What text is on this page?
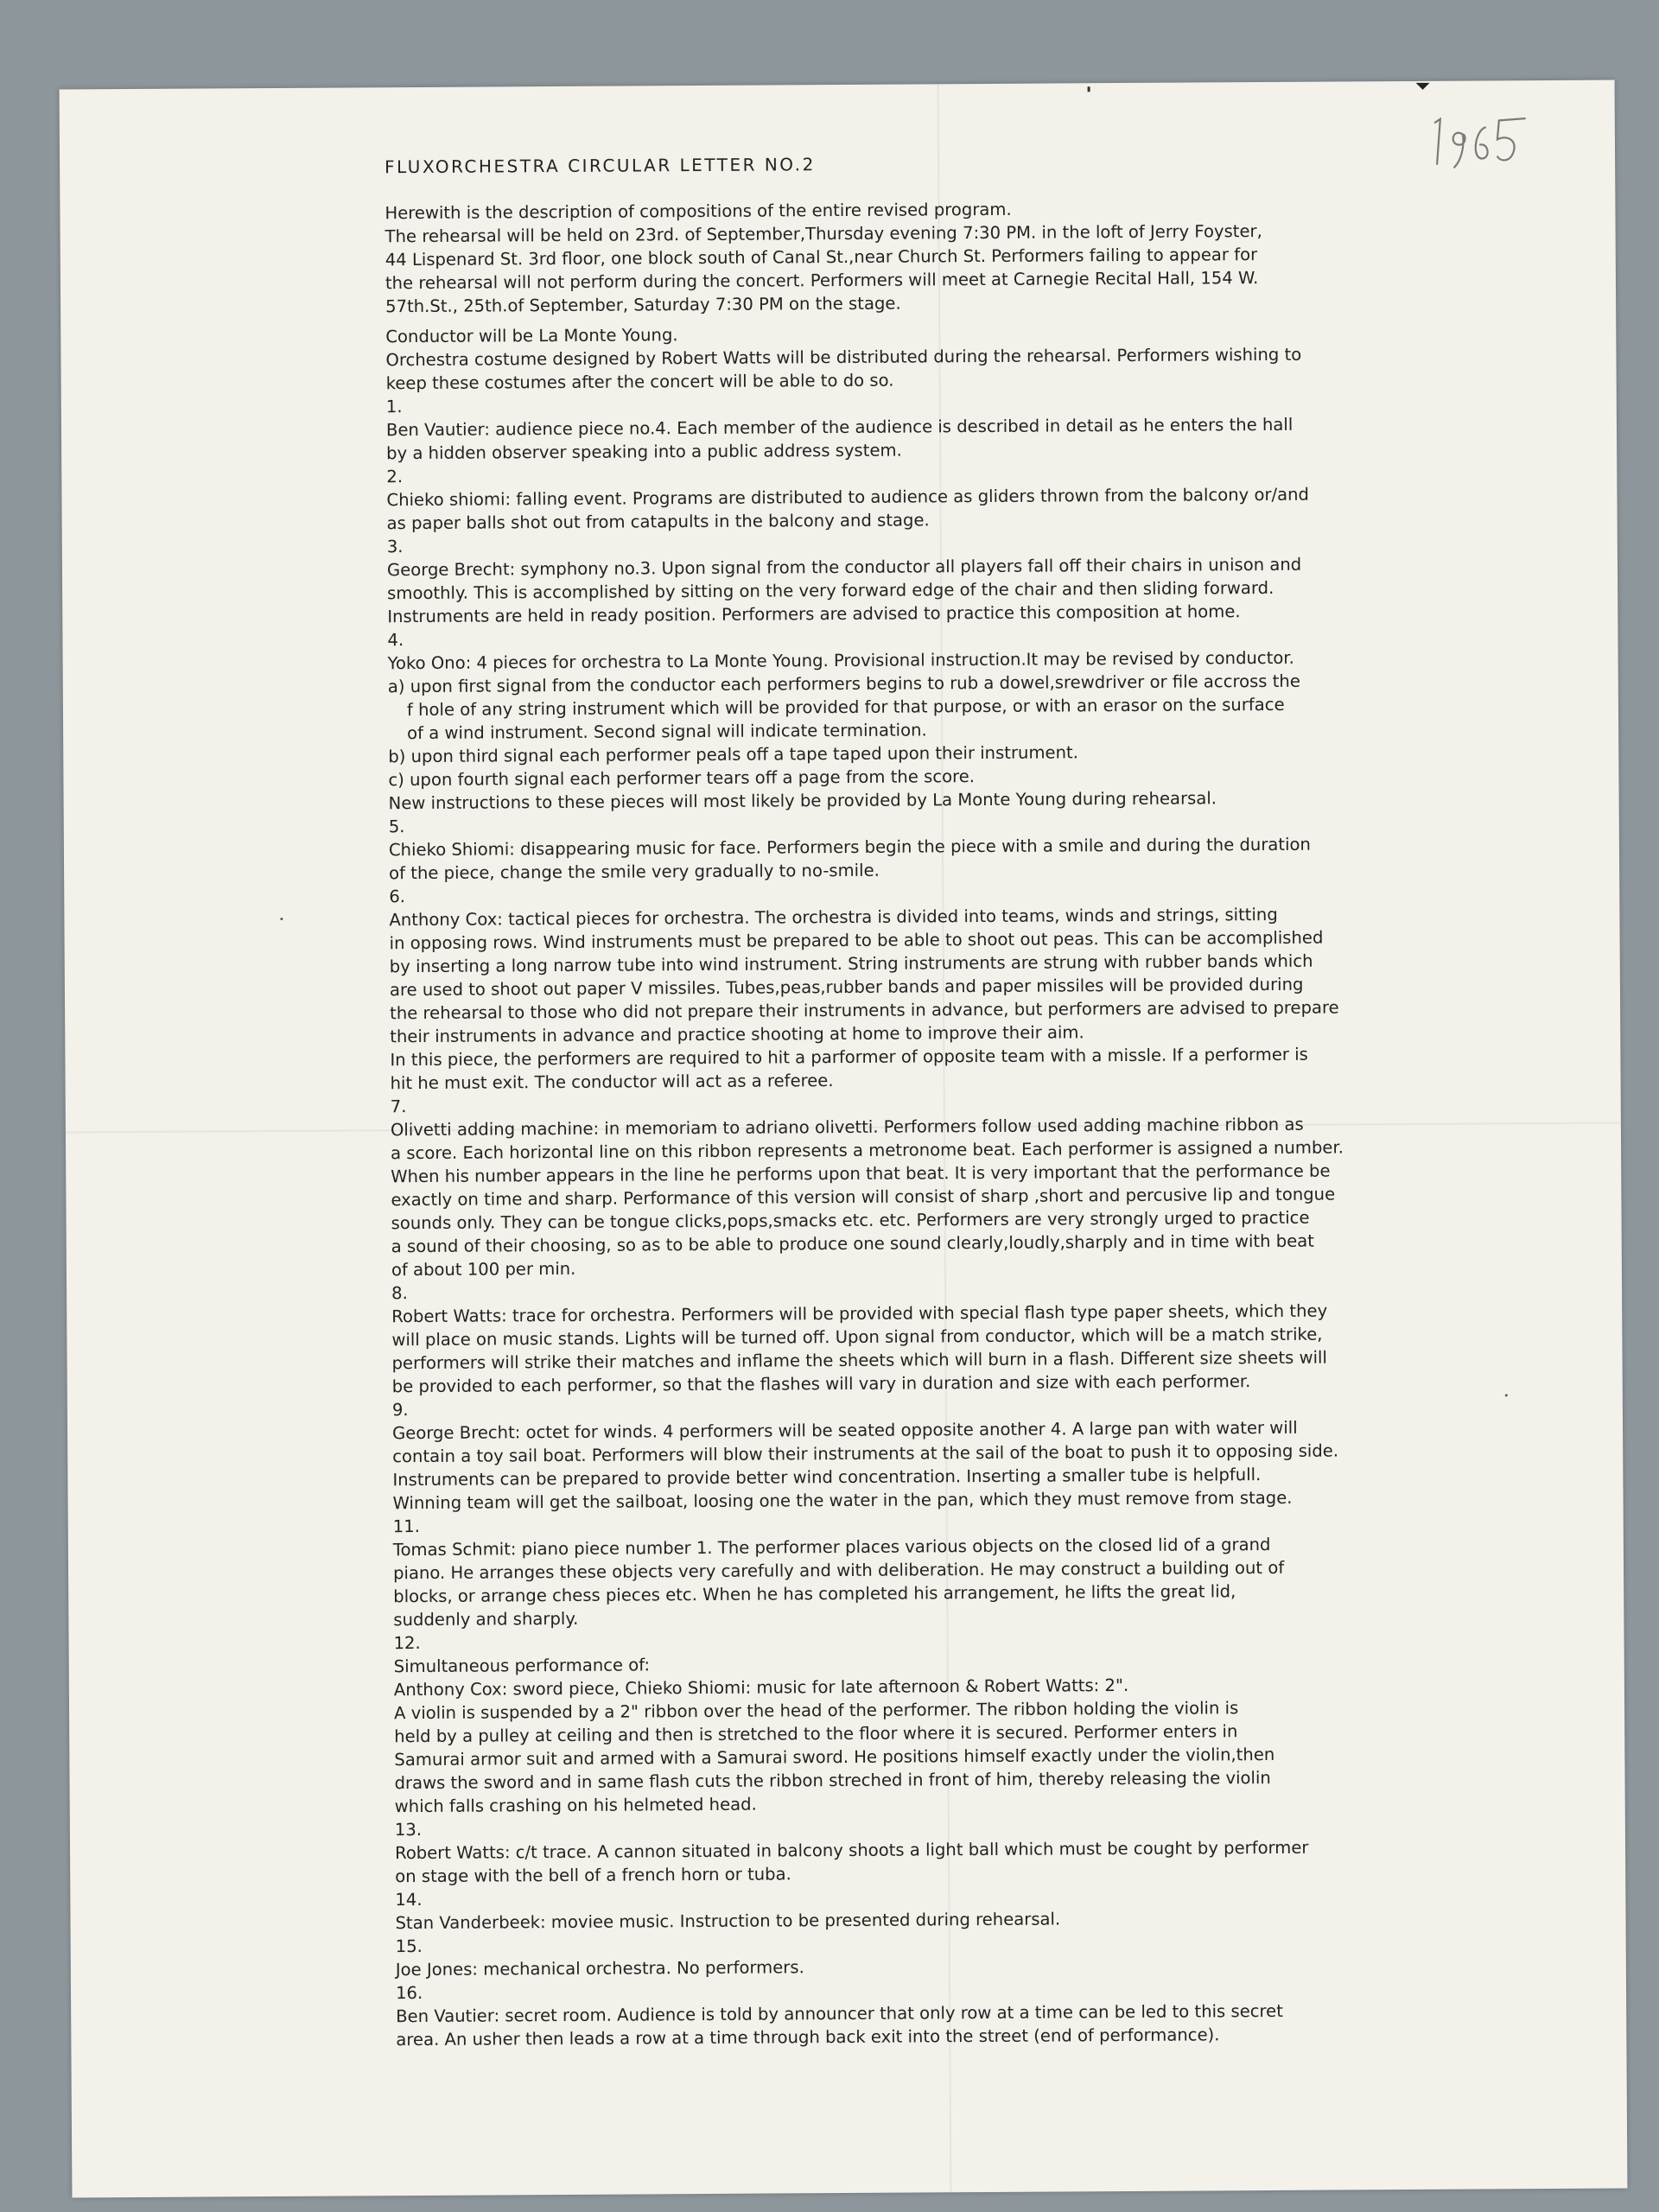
FLUXORCHESTRA CIRCULAR LETTER NO.2
Herewith is the description of compositions of the entire revised program.
The rehearsal will be held on 23rd. of September,Thursday evening 7:30 PM. in the loft of Jerry Foyster,
44 Lispenard St. 3rd floor, one block south of Canal St.,near Church St. Performers failing to appear for
the rehearsal will not perform during the concert. Performers will meet at Carnegie Recital Hall, 154 W.
57th.St., 25th.of September, Saturday 7:30 PM on the stage.
Conductor will be La Monte Young.
Orchestra costume designed by Robert Watts will be distributed during the rehearsal. Performers wishing to
keep these costumes after the concert will be able to do so.
1.
Ben Vautier: audience piece no.4. Each member of the audience is described in detail as he enters the hall
by a hidden observer speaking into a public address system.
2.
Chieko shiomi: falling event. Programs are distributed to audience as gliders thrown from the balcony or/and
as paper balls shot out from catapults in the balcony and stage.
3.
George Brecht: symphony no.3. Upon signal from the conductor all players fall off their chairs in unison and
smoothly. This is accomplished by sitting on the very forward edge of the chair and then sliding forward.
Instruments are held in ready position. Performers are advised to practice this composition at home.
4.
Yoko Ono: 4 pieces for orchestra to La Monte Young. Provisional instruction.It may be revised by conductor.
a) upon first signal from the conductor each performers begins to rub a dowel,srewdriver or file accross the
f hole of any string instrument which will be provided for that purpose, or with an erasor on the surface
of a wind instrument. Second signal will indicate termination.
b) upon third signal each performer peals off a tape taped upon their instrument.
c) upon fourth signal each performer tears off a page from the score.
New instructions to these pieces will most likely be provided by La Monte Young during rehearsal.
5.
Chieko Shiomi: disappearing music for face. Performers begin the piece with a smile and during the duration
of the piece, change the smile very gradually to no-smile.
6.
Anthony Cox: tactical pieces for orchestra. The orchestra is divided into teams, winds and strings, sitting
in opposing rows. Wind instruments must be prepared to be able to shoot out peas. This can be accomplished
by inserting a long narrow tube into wind instrument. String instruments are strung with rubber bands which
are used to shoot out paper V missiles. Tubes,peas,rubber bands and paper missiles will be provided during
the rehearsal to those who did not prepare their instruments in advance, but performers are advised to prepare
their instruments in advance and practice shooting at home to improve their aim.
In this piece, the performers are required to hit a parformer of opposite team with a missle. If a performer is
hit he must exit. The conductor will act as a referee.
7.
Olivetti adding machine: in memoriam to adriano olivetti. Performers follow used adding machine ribbon as
a score. Each horizontal line on this ribbon represents a metronome beat. Each performer is assigned a number.
When his number appears in the line he performs upon that beat. It is very important that the performance be
exactly on time and sharp. Performance of this version will consist of sharp ,short and percusive lip and tongue
sounds only. They can be tongue clicks,pops,smacks etc. etc. Performers are very strongly urged to practice
a sound of their choosing, so as to be able to produce one sound clearly,loudly,sharply and in time with beat
of about 100 per min.
8.
Robert Watts: trace for orchestra. Performers will be provided with special flash type paper sheets, which they
will place on music stands. Lights will be turned off. Upon signal from conductor, which will be a match strike,
performers will strike their matches and inflame the sheets which will burn in a flash. Different size sheets will
be provided to each performer, so that the flashes will vary in duration and size with each performer.
9.
George Brecht: octet for winds. 4 performers will be seated opposite another 4. A large pan with water will
contain a toy sail boat. Performers will blow their instruments at the sail of the boat to push it to opposing side.
Instruments can be prepared to provide better wind concentration. Inserting a smaller tube is helpfull.
Winning team will get the sailboat, loosing one the water in the pan, which they must remove from stage.
11.
Tomas Schmit: piano piece number 1. The performer places various objects on the closed lid of a grand
piano. He arranges these objects very carefully and with deliberation. He may construct a building out of
blocks, or arrange chess pieces etc. When he has completed his arrangement, he lifts the great lid,
suddenly and sharply.
12.
Simultaneous performance of:
Anthony Cox: sword piece, Chieko Shiomi: music for late afternoon & Robert Watts: 2".
A violin is suspended by a 2" ribbon over the head of the performer. The ribbon holding the violin is
held by a pulley at ceiling and then is stretched to the floor where it is secured. Performer enters in
Samurai armor suit and armed with a Samurai sword. He positions himself exactly under the violin,then
draws the sword and in same flash cuts the ribbon streched in front of him, thereby releasing the violin
which falls crashing on his helmeted head.
13.
Robert Watts: c/t trace. A cannon situated in balcony shoots a light ball which must be cought by performer
on stage with the bell of a french horn or tuba.
14.
Stan Vanderbeek: moviee music. Instruction to be presented during rehearsal.
15.
Joe Jones: mechanical orchestra. No performers.
16.
Ben Vautier: secret room. Audience is told by announcer that only row at a time can be led to this secret
area. An usher then leads a row at a time through back exit into the street (end of performance).
